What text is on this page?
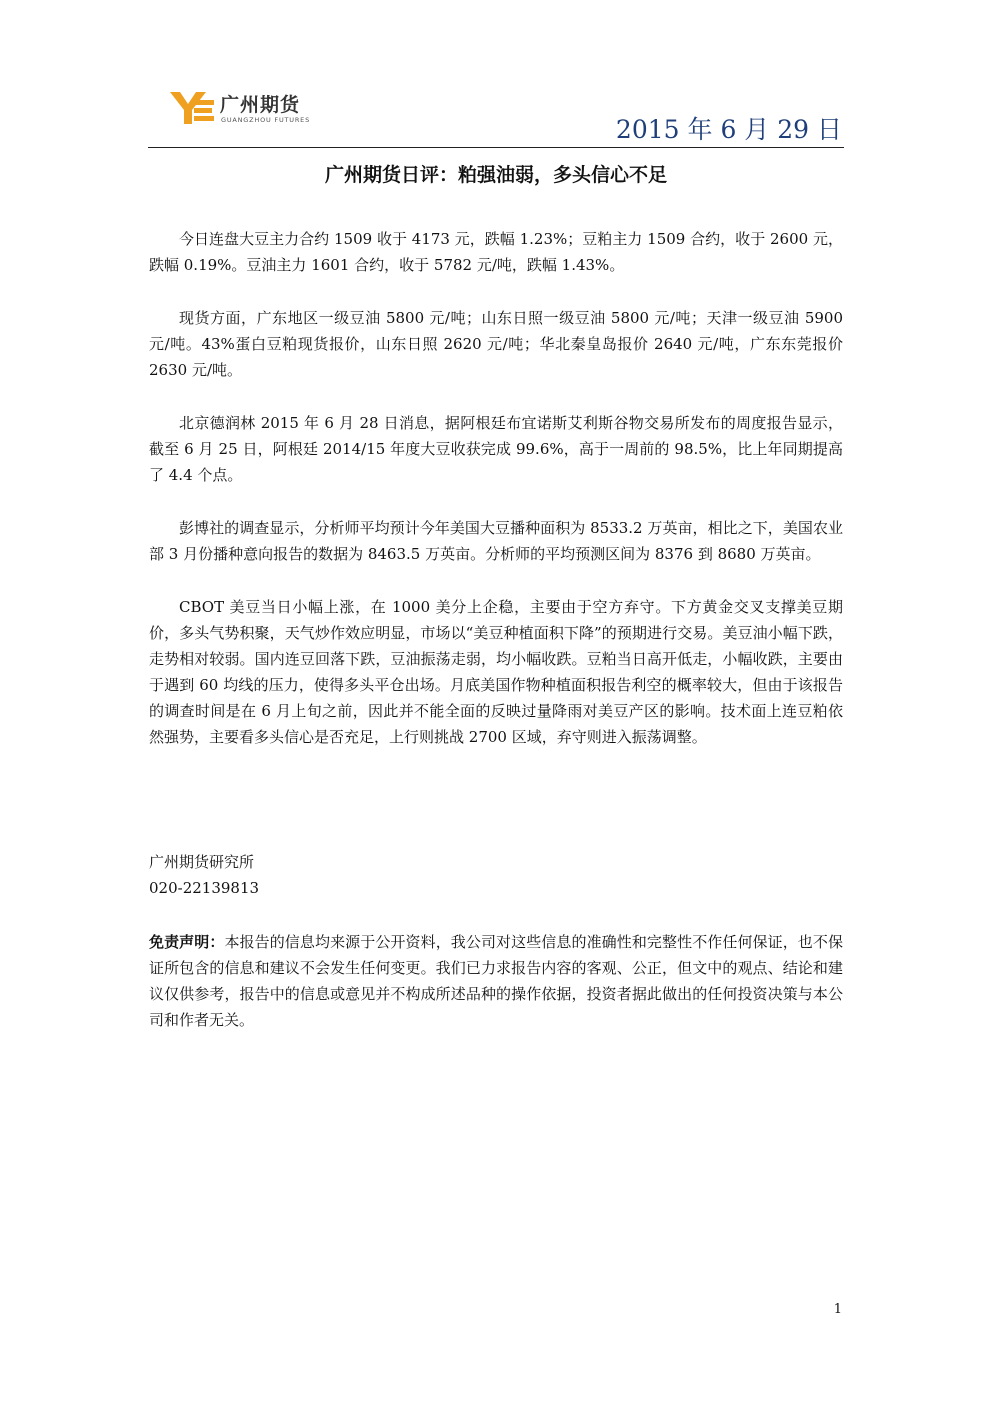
广州期货
GUANGZHOU FUTURES	2015 年 6 月 29 日
广州期货日评：粕强油弱，多头信心不足

今日连盘大豆主力合约 1509 收于 4173 元，跌幅 1.23%；豆粕主力 1509 合约，收于 2600 元，跌幅 0.19%。豆油主力 1601 合约，收于 5782 元/吨，跌幅 1.43%。

现货方面，广东地区一级豆油 5800 元/吨；山东日照一级豆油 5800 元/吨；天津一级豆油 5900 元/吨。43%蛋白豆粕现货报价，山东日照 2620 元/吨；华北秦皇岛报价 2640 元/吨，广东东莞报价 2630 元/吨。

北京德润林 2015 年 6 月 28 日消息，据阿根廷布宜诺斯艾利斯谷物交易所发布的周度报告显示，截至 6 月 25 日，阿根廷 2014/15 年度大豆收获完成 99.6%，高于一周前的 98.5%，比上年同期提高了 4.4 个点。

彭博社的调查显示，分析师平均预计今年美国大豆播种面积为 8533.2 万英亩，相比之下，美国农业部 3 月份播种意向报告的数据为 8463.5 万英亩。分析师的平均预测区间为 8376 到 8680 万英亩。

CBOT 美豆当日小幅上涨，在 1000 美分上企稳，主要由于空方弃守。下方黄金交叉支撑美豆期价，多头气势积聚，天气炒作效应明显，市场以“美豆种植面积下降”的预期进行交易。美豆油小幅下跌，走势相对较弱。国内连豆回落下跌，豆油振荡走弱，均小幅收跌。豆粕当日高开低走，小幅收跌，主要由于遇到 60 均线的压力，使得多头平仓出场。月底美国作物种植面积报告利空的概率较大，但由于该报告的调查时间是在 6 月上旬之前，因此并不能全面的反映过量降雨对美豆产区的影响。技术面上连豆粕依然强势，主要看多头信心是否充足，上行则挑战 2700 区域，弃守则进入振荡调整。

广州期货研究所
020-22139813
免责声明：本报告的信息均来源于公开资料，我公司对这些信息的准确性和完整性不作任何保证，也不保证所包含的信息和建议不会发生任何变更。我们已力求报告内容的客观、公正，但文中的观点、结论和建议仅供参考，报告中的信息或意见并不构成所述品种的操作依据，投资者据此做出的任何投资决策与本公司和作者无关。
1
